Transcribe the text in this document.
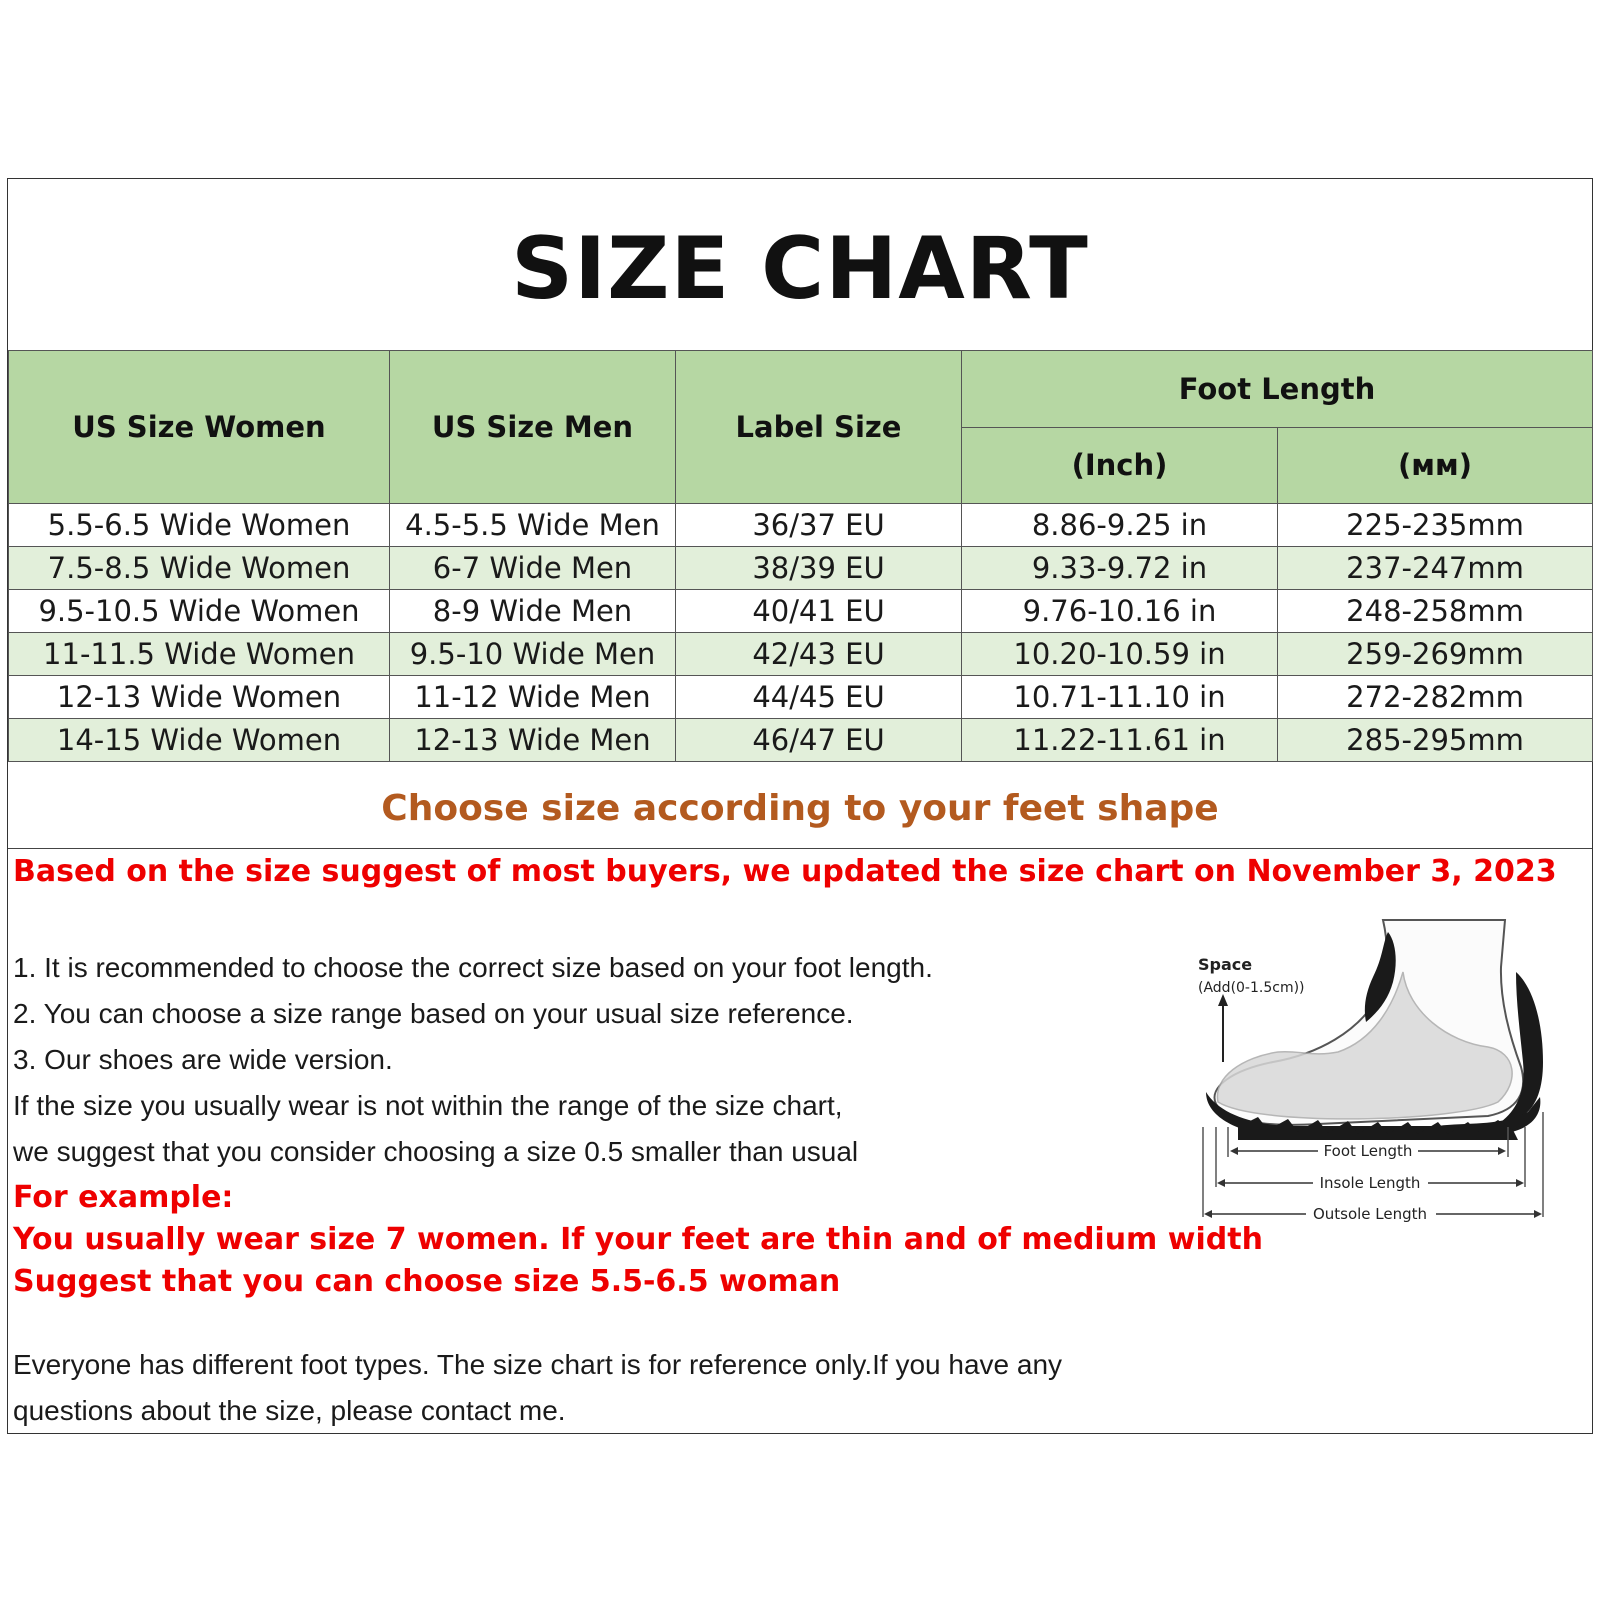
SIZE CHART
US Size Women	US Size Men	Label Size	Foot Length	
			(Inch)	(мм)
5.5-6.5 Wide Women	4.5-5.5 Wide Men	36/37 EU	8.86-9.25 in	225-235mm
7.5-8.5 Wide Women	6-7 Wide Men	38/39 EU	9.33-9.72 in	237-247mm
9.5-10.5 Wide Women	8-9 Wide Men	40/41 EU	9.76-10.16 in	248-258mm
11-11.5 Wide Women	9.5-10 Wide Men	42/43 EU	10.20-10.59 in	259-269mm
12-13 Wide Women	11-12 Wide Men	44/45 EU	10.71-11.10 in	272-282mm
14-15 Wide Women	12-13 Wide Men	46/47 EU	11.22-11.61 in	285-295mm
Choose size according to your feet shape
Based on the size suggest of most buyers, we updated the size chart on November 3, 2023
1. It is recommended to choose the correct size based on your foot length.
2. You can choose a size range based on your usual size reference.
3. Our shoes are wide version.
If the size you usually wear is not within the range of the size chart,
we suggest that you consider choosing a size 0.5 smaller than usual
For example:
You usually wear size 7 women. If your feet are thin and of medium width
Suggest that you can choose size 5.5-6.5 woman
Everyone has different foot types. The size chart is for reference only.If you have any
questions about the size, please contact me.
Space
(Add(0-1.5cm))
Foot Length
Insole Length
Outsole Length
